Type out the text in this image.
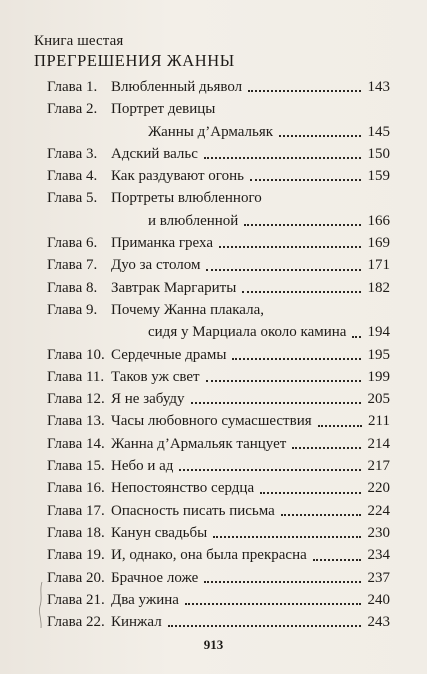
Книга шестая
ПРЕГРЕШЕНИЯ ЖАННЫ
Глава 1. Влюбленный дьявол	143
Глава 2. Портрет девицы
Жанны д’Армальяк	145
Глава 3. Адский вальс	150
Глава 4. Как раздувают огонь	159
Глава 5. Портреты влюбленного
и влюбленной	166
Глава 6. Приманка греха	169
Глава 7. Дуо за столом	171
Глава 8. Завтрак Маргариты	182
Глава 9. Почему Жанна плакала,
сидя у Марциала около камина 194
Глава 10. Сердечные драмы	195
Глава 11. Таков уж свет	199
Глава 12. Я не забуду	205
Глава 13. Часы любовного сумасшествия	211
Глава 14. Жанна д’Армальяк танцует	214
Глава 15. Небо и ад	217
Глава 16. Непостоянство сердца	220
Глава 17. Опасность писать письма	224
Глава 18. Канун свадьбы	230
Глава 19. И, однако, она была прекрасна	234
Глава 20. Брачное ложе	237
Глава 21. Два ужина	240
Глава 22. Кинжал	243
913
